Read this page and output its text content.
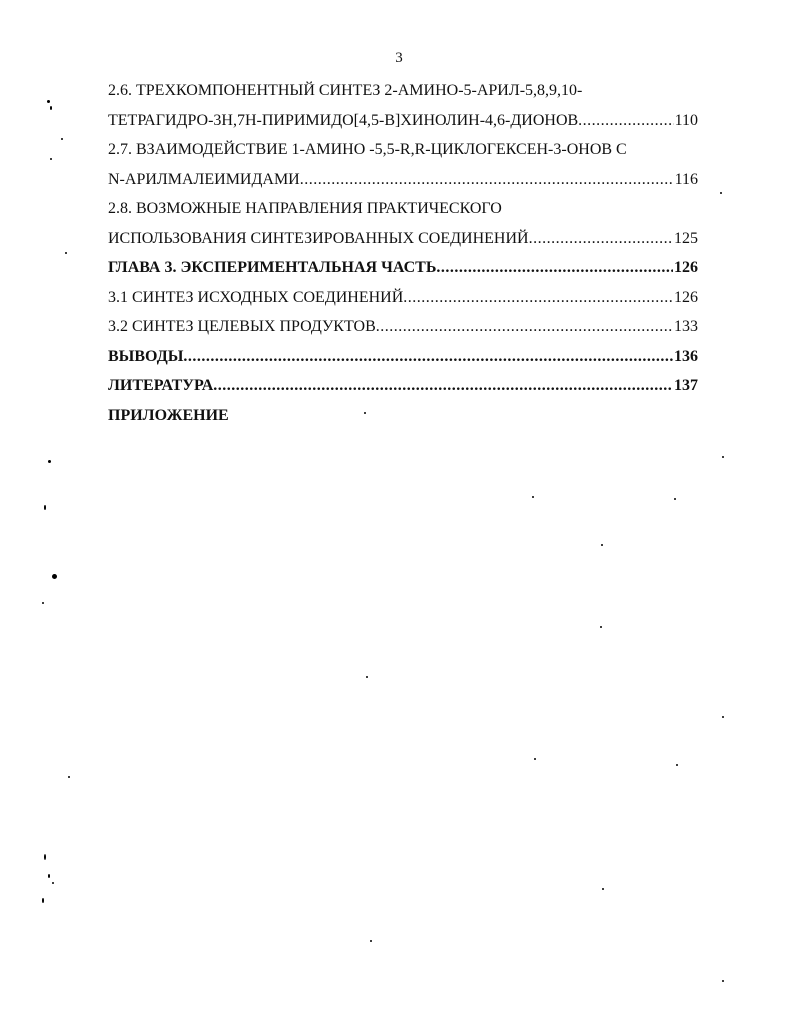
3
2.6. ТРЕХКОМПОНЕНТНЫЙ СИНТЕЗ 2-АМИНО-5-АРИЛ-5,8,9,10-
ТЕТРАГИДРО-3Н,7Н-ПИРИМИДО[4,5-В]ХИНОЛИН-4,6-ДИОНОВ .....	110
2.7. ВЗАИМОДЕЙСТВИЕ 1-АМИНО -5,5-R,R-ЦИКЛОГЕКСЕН-3-ОНОВ С
N-АРИЛМАЛЕИМИДАМИ .....	116
2.8. ВОЗМОЖНЫЕ НАПРАВЛЕНИЯ ПРАКТИЧЕСКОГО
ИСПОЛЬЗОВАНИЯ СИНТЕЗИРОВАННЫХ СОЕДИНЕНИЙ .....	125
ГЛАВА 3. ЭКСПЕРИМЕНТАЛЬНАЯ ЧАСТЬ .....	126
3.1 СИНТЕЗ ИСХОДНЫХ СОЕДИНЕНИЙ .....	126
3.2 СИНТЕЗ ЦЕЛЕВЫХ ПРОДУКТОВ .....	133
ВЫВОДЫ .....	136
ЛИТЕРАТУРА .....	137
ПРИЛОЖЕНИЕ
